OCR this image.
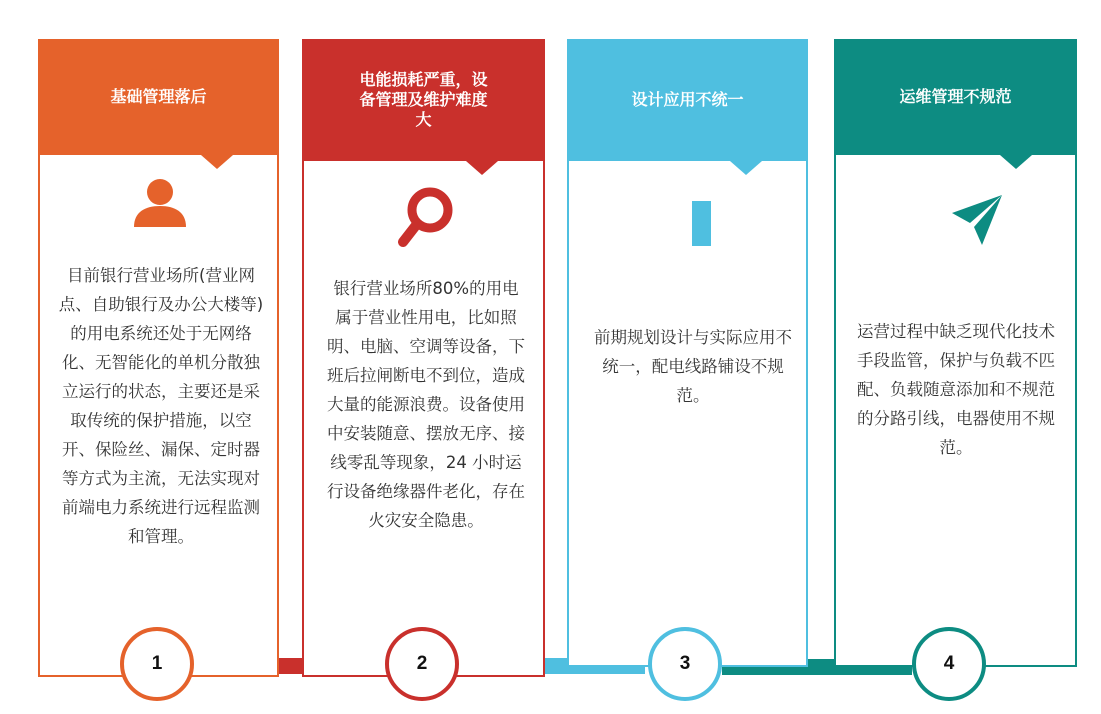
基础管理落后
目前银行营业场所(营业网点、自助银行及办公大楼等)的用电系统还处于无网络化、无智能化的单机分散独立运行的状态，主要还是采取传统的保护措施，以空开、保险丝、漏保、定时器等方式为主流，无法实现对前端电力系统进行远程监测和管理。
电能损耗严重，设备管理及维护难度大
银行营业场所80%的用电属于营业性用电，比如照明、电脑、空调等设备，下班后拉闸断电不到位，造成大量的能源浪费。设备使用中安装随意、摆放无序、接线零乱等现象，24 小时运行设备绝缘器件老化，存在火灾安全隐患。
设计应用不统一
前期规划设计与实际应用不统一，配电线路铺设不规范。
运维管理不规范
运营过程中缺乏现代化技术手段监管，保护与负载不匹配、负载随意添加和不规范的分路引线，电器使用不规范。
1	2	3	4
